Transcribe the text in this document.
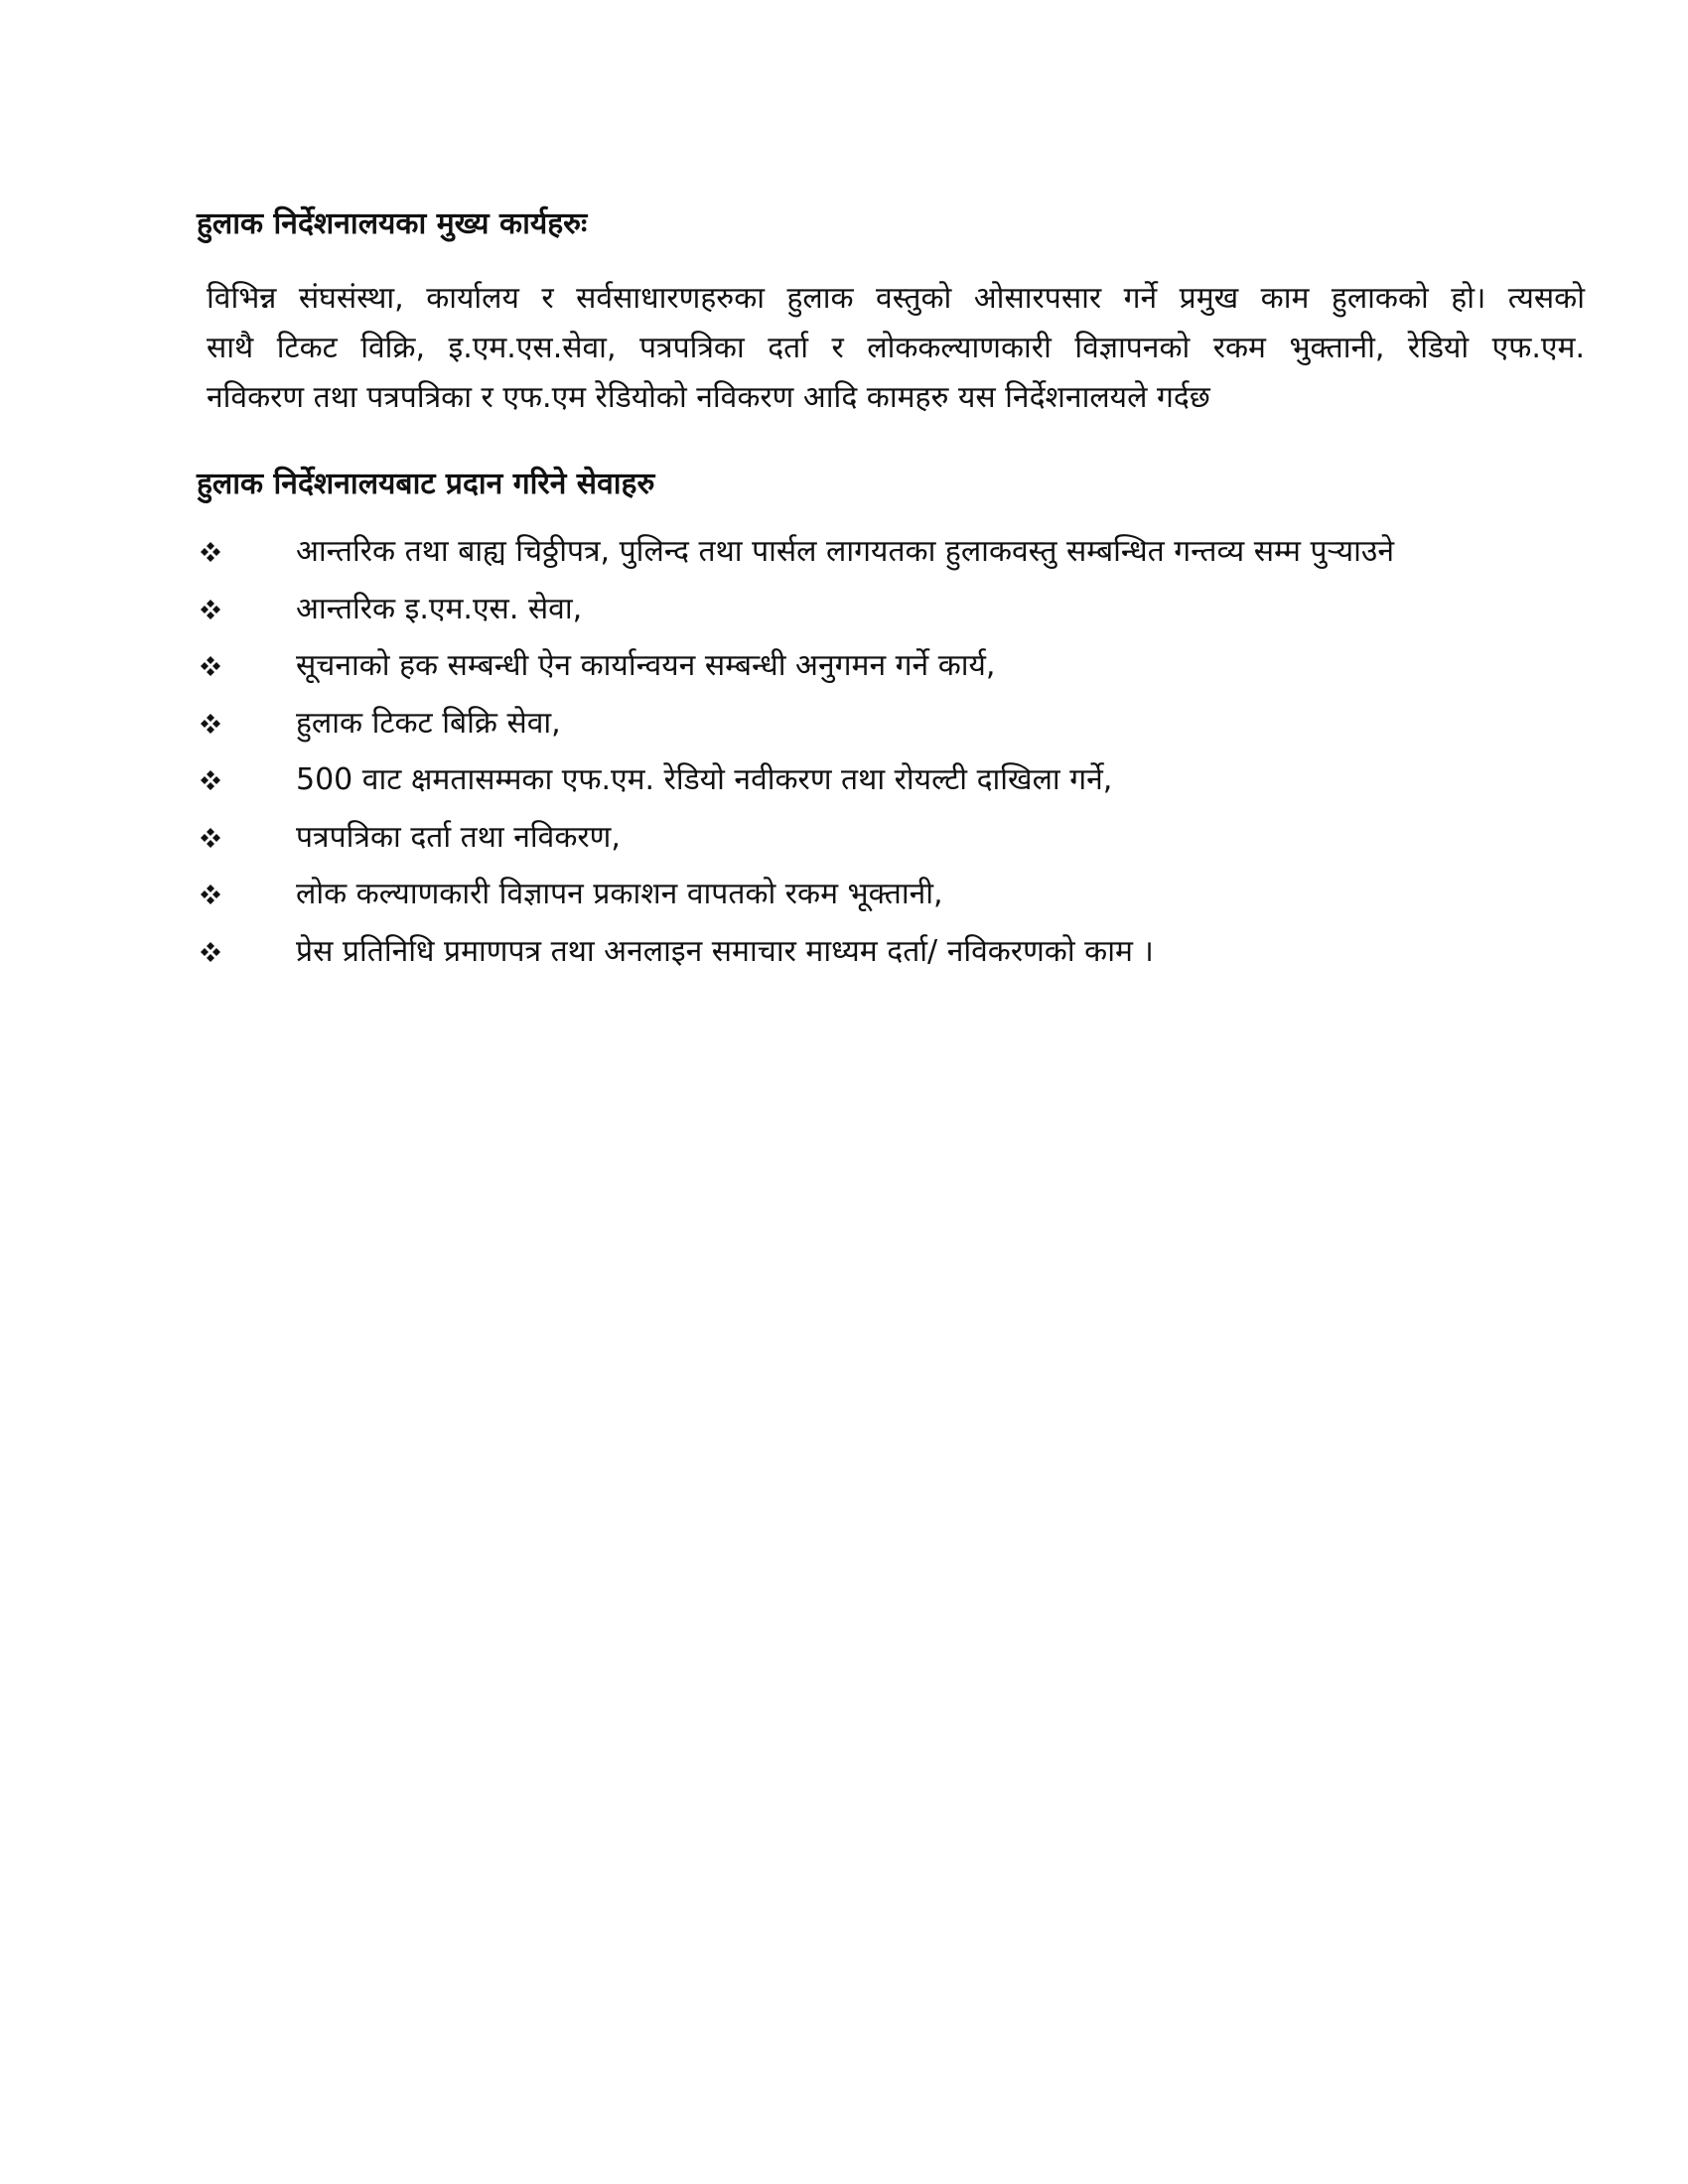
हुलाक निर्देशनालयका मुख्य कार्यहरुः

विभिन्न संघसंस्था, कार्यालय र सर्वसाधारणहरुका हुलाक वस्तुको ओसारपसार गर्ने प्रमुख काम हुलाकको हो। त्यसको
साथै टिकट विक्रि, इ.एम.एस.सेवा, पत्रपत्रिका दर्ता र लोककल्याणकारी विज्ञापनको रकम भुक्तानी, रेडियो एफ.एम.
नविकरण तथा पत्रपत्रिका र एफ.एम रेडियोको नविकरण आदि कामहरु यस निर्देशनालयले गर्दछ

हुलाक निर्देशनालयबाट प्रदान गरिने सेवाहरु
आन्तरिक तथा बाह्य चिठ्ठीपत्र, पुलिन्द तथा पार्सल लागयतका हुलाकवस्तु सम्बन्धित गन्तव्य सम्म पुऱ्याउने
आन्तरिक इ.एम.एस. सेवा,
सूचनाको हक सम्बन्धी ऐन कार्यान्वयन सम्बन्धी अनुगमन गर्ने कार्य,
हुलाक टिकट बिक्रि सेवा,
500 वाट क्षमतासम्मका एफ.एम. रेडियो नवीकरण तथा रोयल्टी दाखिला गर्ने,
पत्रपत्रिका दर्ता तथा नविकरण,
लोक कल्याणकारी विज्ञापन प्रकाशन वापतको रकम भूक्तानी,
प्रेस प्रतिनिधि प्रमाणपत्र तथा अनलाइन समाचार माध्यम दर्ता/ नविकरणको काम ।
